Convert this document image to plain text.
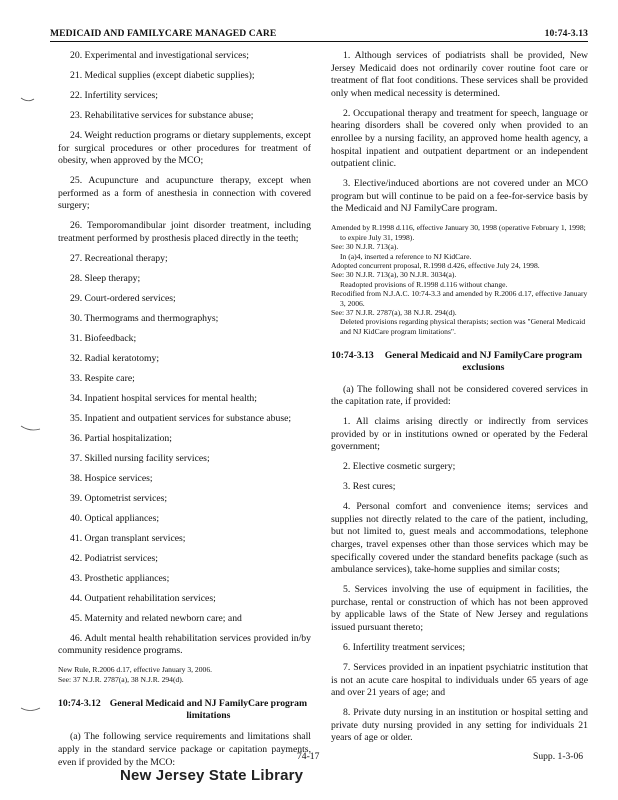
MEDICAID AND FAMILYCARE MANAGED CARE	10:74-3.13

20. Experimental and investigational services;

21. Medical supplies (except diabetic supplies);

22. Infertility services;

23. Rehabilitative services for substance abuse;

24. Weight reduction programs or dietary supplements, except for surgical procedures or other procedures for treatment of obesity, when approved by the MCO;

25. Acupuncture and acupuncture therapy, except when performed as a form of anesthesia in connection with covered surgery;

26. Temporomandibular joint disorder treatment, including treatment performed by prosthesis placed directly in the teeth;

27. Recreational therapy;

28. Sleep therapy;

29. Court-ordered services;

30. Thermograms and thermographys;

31. Biofeedback;

32. Radial keratotomy;

33. Respite care;

34. Inpatient hospital services for mental health;

35. Inpatient and outpatient services for substance abuse;

36. Partial hospitalization;

37. Skilled nursing facility services;

38. Hospice services;

39. Optometrist services;

40. Optical appliances;

41. Organ transplant services;

42. Podiatrist services;

43. Prosthetic appliances;

44. Outpatient rehabilitation services;

45. Maternity and related newborn care; and

46. Adult mental health rehabilitation services provided in/by community residence programs.

New Rule, R.2006 d.17, effective January 3, 2006.

See: 37 N.J.R. 2787(a), 38 N.J.R. 294(d).

10:74-3.12 General Medicaid and NJ FamilyCare program limitations

(a) The following service requirements and limitations shall apply in the standard service package or capitation payments, even if provided by the MCO:

1. Although services of podiatrists shall be provided, New Jersey Medicaid does not ordinarily cover routine foot care or treatment of flat foot conditions. These services shall be provided only when medical necessity is determined.

2. Occupational therapy and treatment for speech, language or hearing disorders shall be covered only when provided to an enrollee by a nursing facility, an approved home health agency, a hospital inpatient and outpatient department or an independent outpatient clinic.

3. Elective/induced abortions are not covered under an MCO program but will continue to be paid on a fee-for-service basis by the Medicaid and NJ FamilyCare program.

Amended by R.1998 d.116, effective January 30, 1998 (operative February 1, 1998; to expire July 31, 1998).

See: 30 N.J.R. 713(a).

In (a)4, inserted a reference to NJ KidCare.

Adopted concurrent proposal, R.1998 d.426, effective July 24, 1998.

See: 30 N.J.R. 713(a), 30 N.J.R. 3034(a).

Readopted provisions of R.1998 d.116 without change.

Recodified from N.J.A.C. 10:74-3.3 and amended by R.2006 d.17, effective January 3, 2006.

See: 37 N.J.R. 2787(a), 38 N.J.R. 294(d).

Deleted provisions regarding physical therapists; section was "General Medicaid and NJ KidCare program limitations".

10:74-3.13	General Medicaid and NJ FamilyCare program exclusions

(a) The following shall not be considered covered services in the capitation rate, if provided:

1. All claims arising directly or indirectly from services provided by or in institutions owned or operated by the Federal government;

2. Elective cosmetic surgery;

3. Rest cures;

4. Personal comfort and convenience items; services and supplies not directly related to the care of the patient, including, but not limited to, guest meals and accommodations, telephone charges, travel expenses other than those services which may be specifically covered under the standard benefits package (such as ambulance services), take-home supplies and similar costs;

5. Services involving the use of equipment in facilities, the purchase, rental or construction of which has not been approved by applicable laws of the State of New Jersey and regulations issued pursuant thereto;

6. Infertility treatment services;

7. Services provided in an inpatient psychiatric institution that is not an acute care hospital to individuals under 65 years of age and over 21 years of age; and

8. Private duty nursing in an institution or hospital setting and private duty nursing provided in any setting for individuals 21 years of age or older.

74-17	Supp. 1-3-06
New Jersey State Library
